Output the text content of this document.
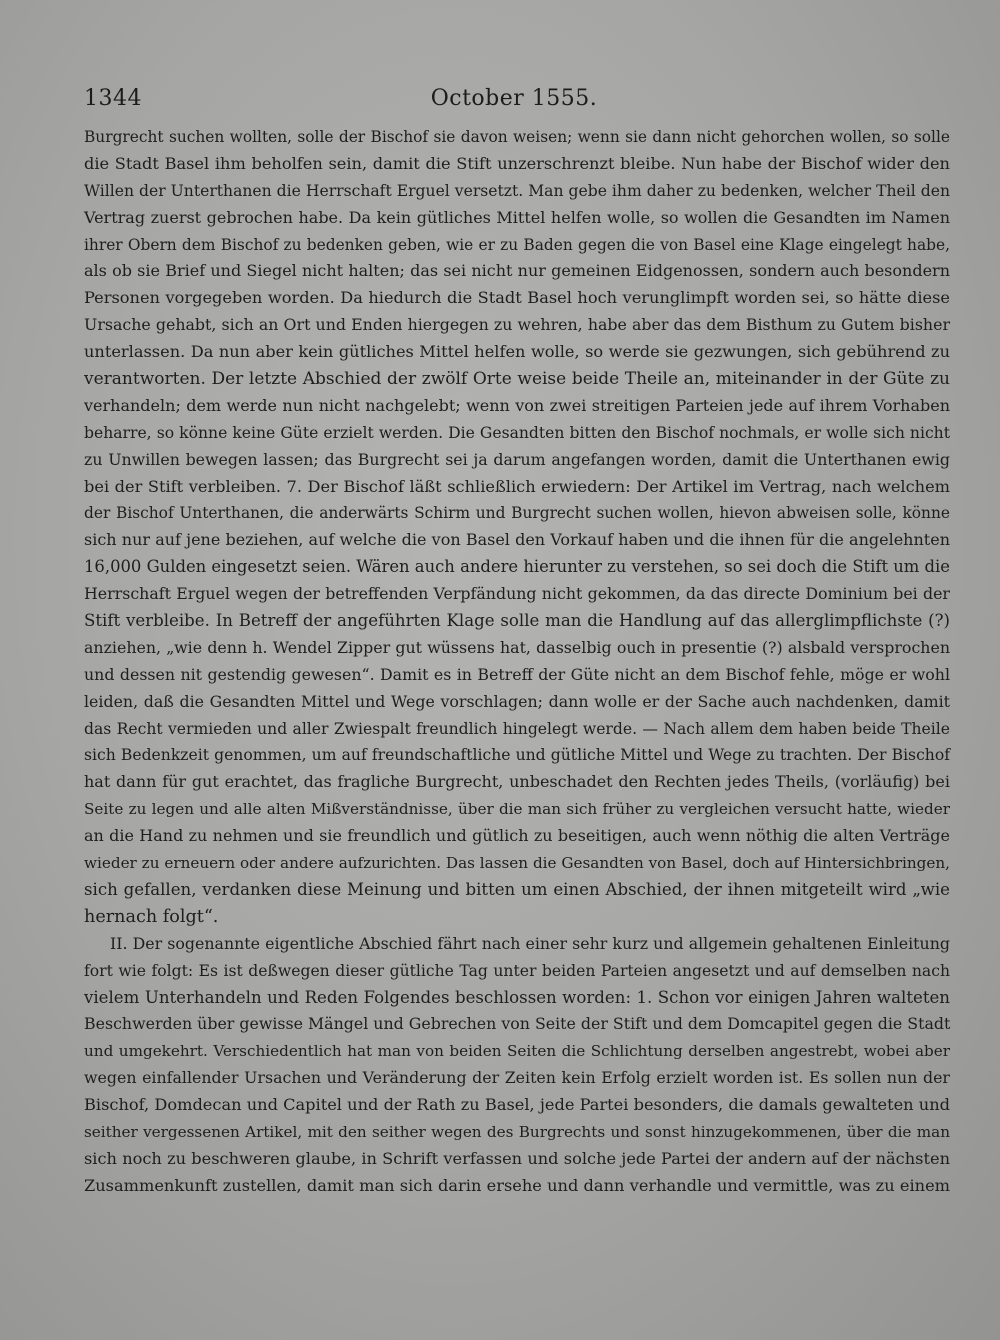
1344	October 1555.
Burgrecht suchen wollten, solle der Bischof sie davon weisen; wenn sie dann nicht gehorchen wollen, so solle
die Stadt Basel ihm beholfen sein, damit die Stift unzerschrenzt bleibe. Nun habe der Bischof wider den
Willen der Unterthanen die Herrschaft Erguel versetzt. Man gebe ihm daher zu bedenken, welcher Theil den
Vertrag zuerst gebrochen habe. Da kein gütliches Mittel helfen wolle, so wollen die Gesandten im Namen
ihrer Obern dem Bischof zu bedenken geben, wie er zu Baden gegen die von Basel eine Klage eingelegt habe,
als ob sie Brief und Siegel nicht halten; das sei nicht nur gemeinen Eidgenossen, sondern auch besondern
Personen vorgegeben worden. Da hiedurch die Stadt Basel hoch verunglimpft worden sei, so hätte diese
Ursache gehabt, sich an Ort und Enden hiergegen zu wehren, habe aber das dem Bisthum zu Gutem bisher
unterlassen. Da nun aber kein gütliches Mittel helfen wolle, so werde sie gezwungen, sich gebührend zu
verantworten. Der letzte Abschied der zwölf Orte weise beide Theile an, miteinander in der Güte zu
verhandeln; dem werde nun nicht nachgelebt; wenn von zwei streitigen Parteien jede auf ihrem Vorhaben
beharre, so könne keine Güte erzielt werden. Die Gesandten bitten den Bischof nochmals, er wolle sich nicht
zu Unwillen bewegen lassen; das Burgrecht sei ja darum angefangen worden, damit die Unterthanen ewig
bei der Stift verbleiben. 7. Der Bischof läßt schließlich erwiedern: Der Artikel im Vertrag, nach welchem
der Bischof Unterthanen, die anderwärts Schirm und Burgrecht suchen wollen, hievon abweisen solle, könne
sich nur auf jene beziehen, auf welche die von Basel den Vorkauf haben und die ihnen für die angelehnten
16,000 Gulden eingesetzt seien. Wären auch andere hierunter zu verstehen, so sei doch die Stift um die
Herrschaft Erguel wegen der betreffenden Verpfändung nicht gekommen, da das directe Dominium bei der
Stift verbleibe. In Betreff der angeführten Klage solle man die Handlung auf das allerglimpflichste (?)
anziehen, „wie denn h. Wendel Zipper gut wüssens hat, dasselbig ouch in presentie (?) alsbald versprochen
und dessen nit gestendig gewesen“. Damit es in Betreff der Güte nicht an dem Bischof fehle, möge er wohl
leiden, daß die Gesandten Mittel und Wege vorschlagen; dann wolle er der Sache auch nachdenken, damit
das Recht vermieden und aller Zwiespalt freundlich hingelegt werde. — Nach allem dem haben beide Theile
sich Bedenkzeit genommen, um auf freundschaftliche und gütliche Mittel und Wege zu trachten. Der Bischof
hat dann für gut erachtet, das fragliche Burgrecht, unbeschadet den Rechten jedes Theils, (vorläufig) bei
Seite zu legen und alle alten Mißverständnisse, über die man sich früher zu vergleichen versucht hatte, wieder
an die Hand zu nehmen und sie freundlich und gütlich zu beseitigen, auch wenn nöthig die alten Verträge
wieder zu erneuern oder andere aufzurichten. Das lassen die Gesandten von Basel, doch auf Hintersichbringen,
sich gefallen, verdanken diese Meinung und bitten um einen Abschied, der ihnen mitgeteilt wird „wie
hernach folgt“.
II. Der sogenannte eigentliche Abschied fährt nach einer sehr kurz und allgemein gehaltenen Einleitung
fort wie folgt: Es ist deßwegen dieser gütliche Tag unter beiden Parteien angesetzt und auf demselben nach
vielem Unterhandeln und Reden Folgendes beschlossen worden: 1. Schon vor einigen Jahren walteten
Beschwerden über gewisse Mängel und Gebrechen von Seite der Stift und dem Domcapitel gegen die Stadt
und umgekehrt. Verschiedentlich hat man von beiden Seiten die Schlichtung derselben angestrebt, wobei aber
wegen einfallender Ursachen und Veränderung der Zeiten kein Erfolg erzielt worden ist. Es sollen nun der
Bischof, Domdecan und Capitel und der Rath zu Basel, jede Partei besonders, die damals gewalteten und
seither vergessenen Artikel, mit den seither wegen des Burgrechts und sonst hinzugekommenen, über die man
sich noch zu beschweren glaube, in Schrift verfassen und solche jede Partei der andern auf der nächsten
Zusammenkunft zustellen, damit man sich darin ersehe und dann verhandle und vermittle, was zu einem
